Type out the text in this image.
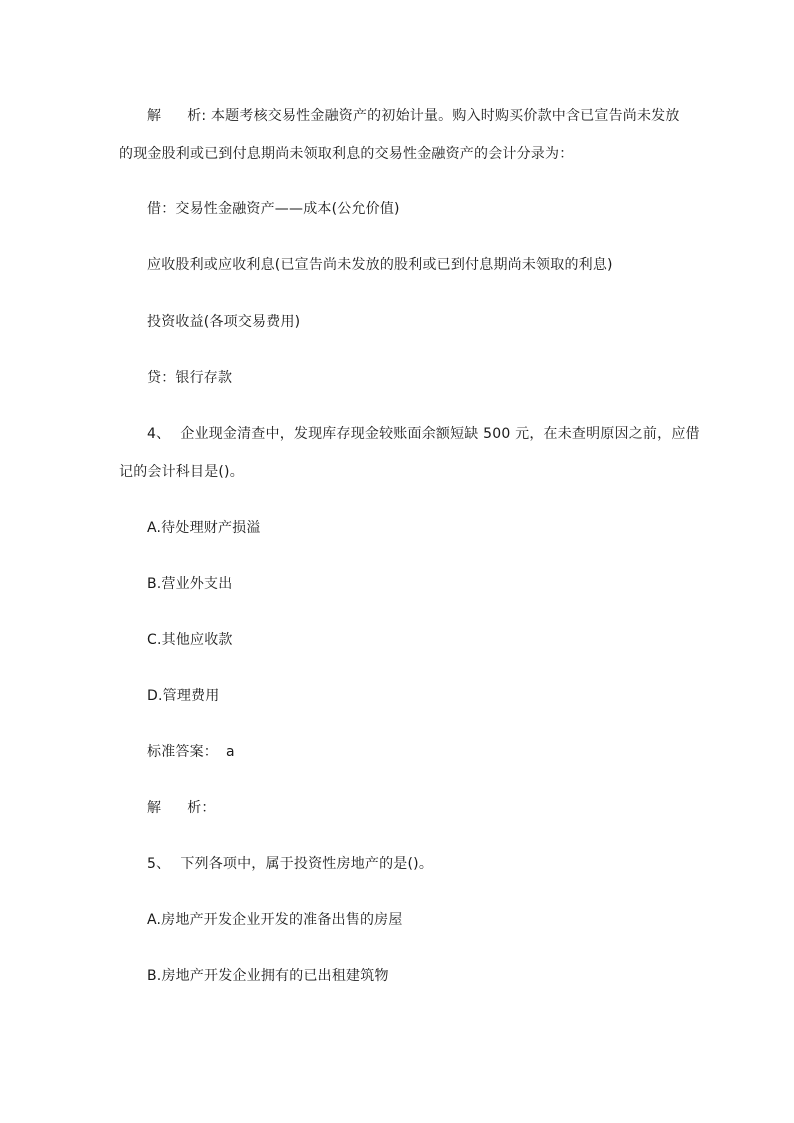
解 析: 本题考核交易性金融资产的初始计量。购入时购买价款中含已宣告尚未发放
的现金股利或已到付息期尚未领取利息的交易性金融资产的会计分录为：
借：交易性金融资产——成本(公允价值)
应收股利或应收利息(已宣告尚未发放的股利或已到付息期尚未领取的利息)
投资收益(各项交易费用)
贷：银行存款
4、 企业现金清查中，发现库存现金较账面余额短缺 500 元，在未查明原因之前，应借
记的会计科目是()。
A.待处理财产损溢
B.营业外支出
C.其他应收款
D.管理费用
标准答案： a
解 析：
5、 下列各项中，属于投资性房地产的是()。
A.房地产开发企业开发的准备出售的房屋
B.房地产开发企业拥有的已出租建筑物
